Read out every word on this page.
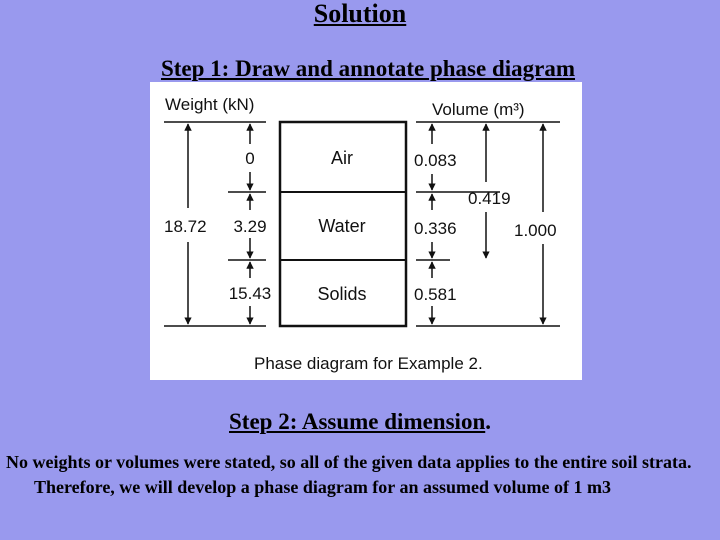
Solution
Step 1: Draw and annotate phase diagram
Weight (kN)	Volume (m³)
Air
Water
Solids
18.72
0
3.29
15.43
0.083
0.336
0.581
0.419
1.000
Phase diagram for Example 2.
Step 2: Assume dimension.
No weights or volumes were stated, so all of the given data applies to the entire soil strata. Therefore, we will develop a phase diagram for an assumed volume of 1 m3
